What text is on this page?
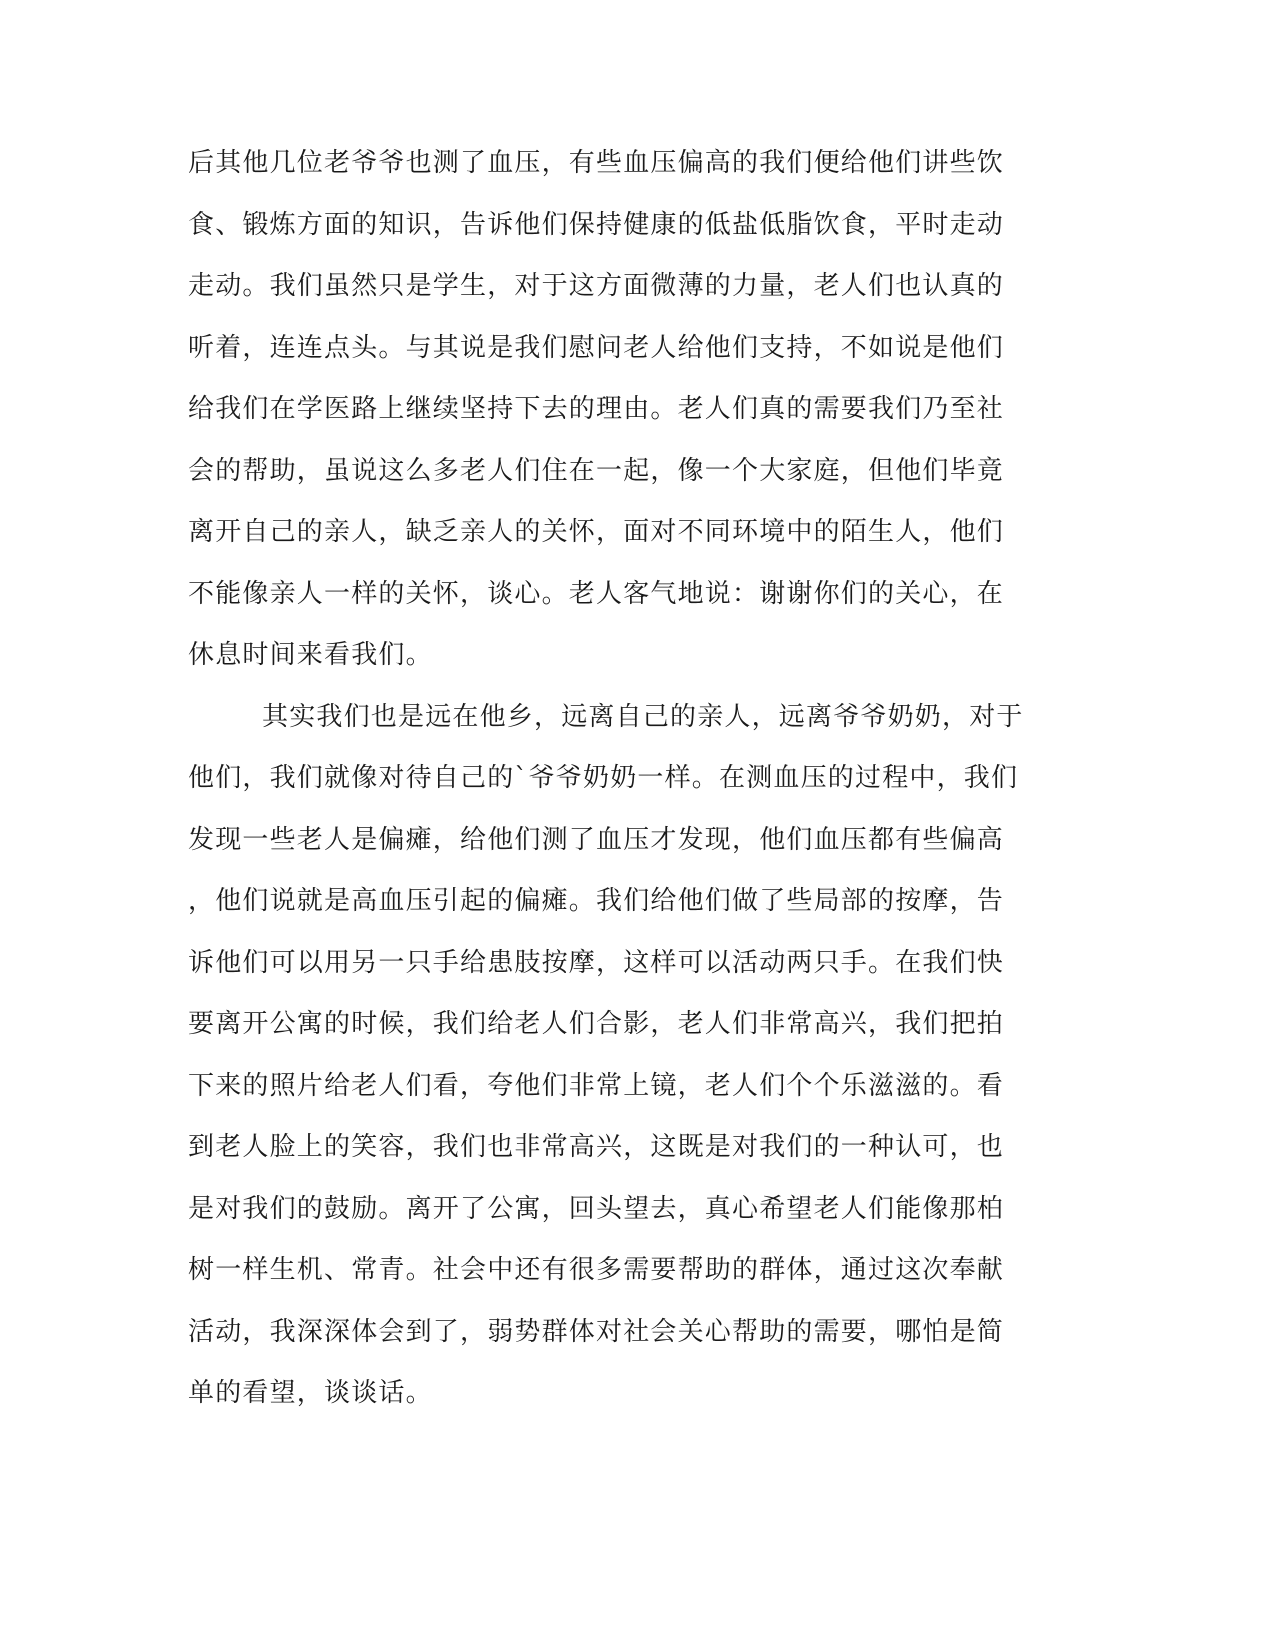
后其他几位老爷爷也测了血压，有些血压偏高的我们便给他们讲些饮
食、锻炼方面的知识，告诉他们保持健康的低盐低脂饮食，平时走动
走动。我们虽然只是学生，对于这方面微薄的力量，老人们也认真的
听着，连连点头。与其说是我们慰问老人给他们支持，不如说是他们
给我们在学医路上继续坚持下去的理由。老人们真的需要我们乃至社
会的帮助，虽说这么多老人们住在一起，像一个大家庭，但他们毕竟
离开自己的亲人，缺乏亲人的关怀，面对不同环境中的陌生人，他们
不能像亲人一样的关怀，谈心。老人客气地说：谢谢你们的关心，在
休息时间来看我们。
其实我们也是远在他乡，远离自己的亲人，远离爷爷奶奶，对于
他们，我们就像对待自己的`爷爷奶奶一样。在测血压的过程中，我们
发现一些老人是偏瘫，给他们测了血压才发现，他们血压都有些偏高
，他们说就是高血压引起的偏瘫。我们给他们做了些局部的按摩，告
诉他们可以用另一只手给患肢按摩，这样可以活动两只手。在我们快
要离开公寓的时候，我们给老人们合影，老人们非常高兴，我们把拍
下来的照片给老人们看，夸他们非常上镜，老人们个个乐滋滋的。看
到老人脸上的笑容，我们也非常高兴，这既是对我们的一种认可，也
是对我们的鼓励。离开了公寓，回头望去，真心希望老人们能像那柏
树一样生机、常青。社会中还有很多需要帮助的群体，通过这次奉献
活动，我深深体会到了，弱势群体对社会关心帮助的需要，哪怕是简
单的看望，谈谈话。
